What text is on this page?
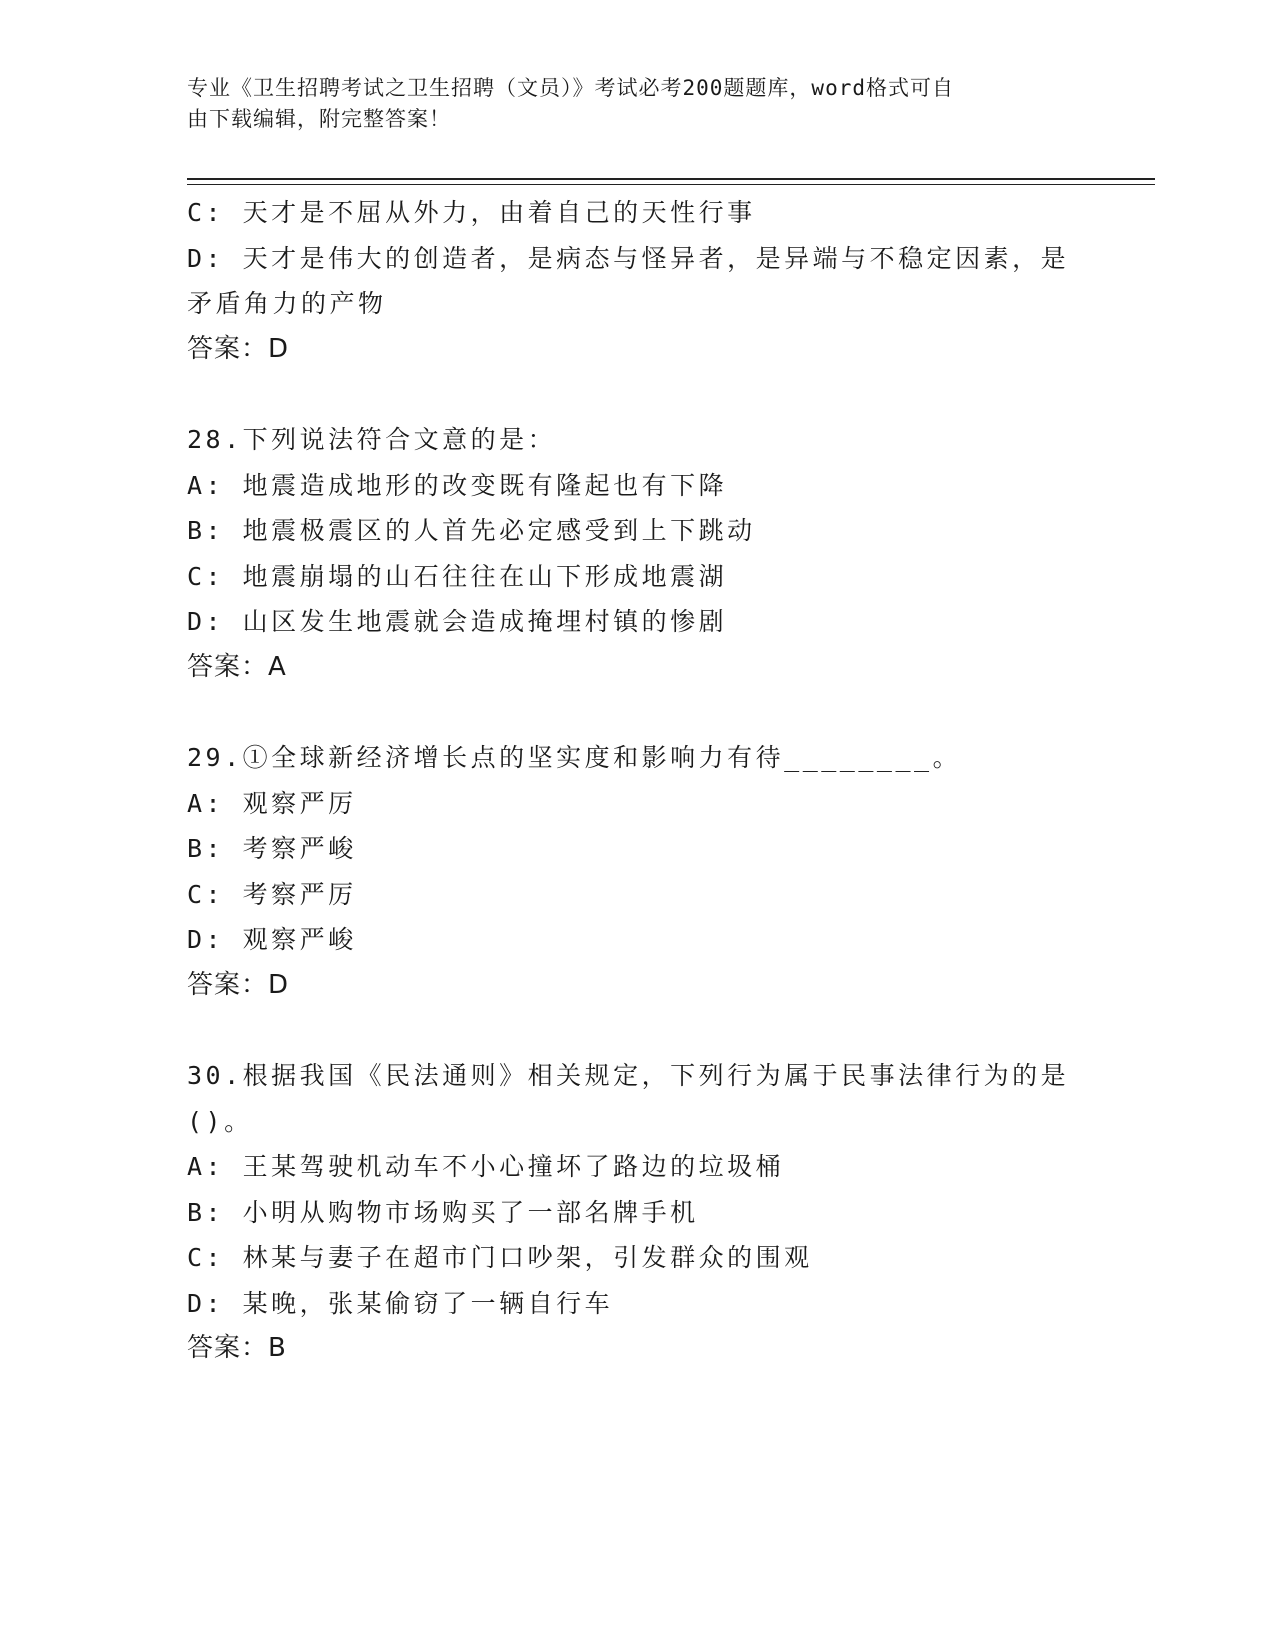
专业《卫生招聘考试之卫生招聘（文员）》考试必考200题题库，word格式可自
由下载编辑，附完整答案！

C: 天才是不屈从外力，由着自己的天性行事

D: 天才是伟大的创造者，是病态与怪异者，是异端与不稳定因素，是

矛盾角力的产物

答案：D

28.下列说法符合文意的是：

A: 地震造成地形的改变既有隆起也有下降

B: 地震极震区的人首先必定感受到上下跳动

C: 地震崩塌的山石往往在山下形成地震湖

D: 山区发生地震就会造成掩埋村镇的惨剧

答案：A

29.①全球新经济增长点的坚实度和影响力有待________。

A: 观察严厉

B: 考察严峻

C: 考察严厉

D: 观察严峻

答案：D

30.根据我国《民法通则》相关规定，下列行为属于民事法律行为的是

()。

A: 王某驾驶机动车不小心撞坏了路边的垃圾桶

B: 小明从购物市场购买了一部名牌手机

C: 林某与妻子在超市门口吵架，引发群众的围观

D: 某晚，张某偷窃了一辆自行车

答案：B
